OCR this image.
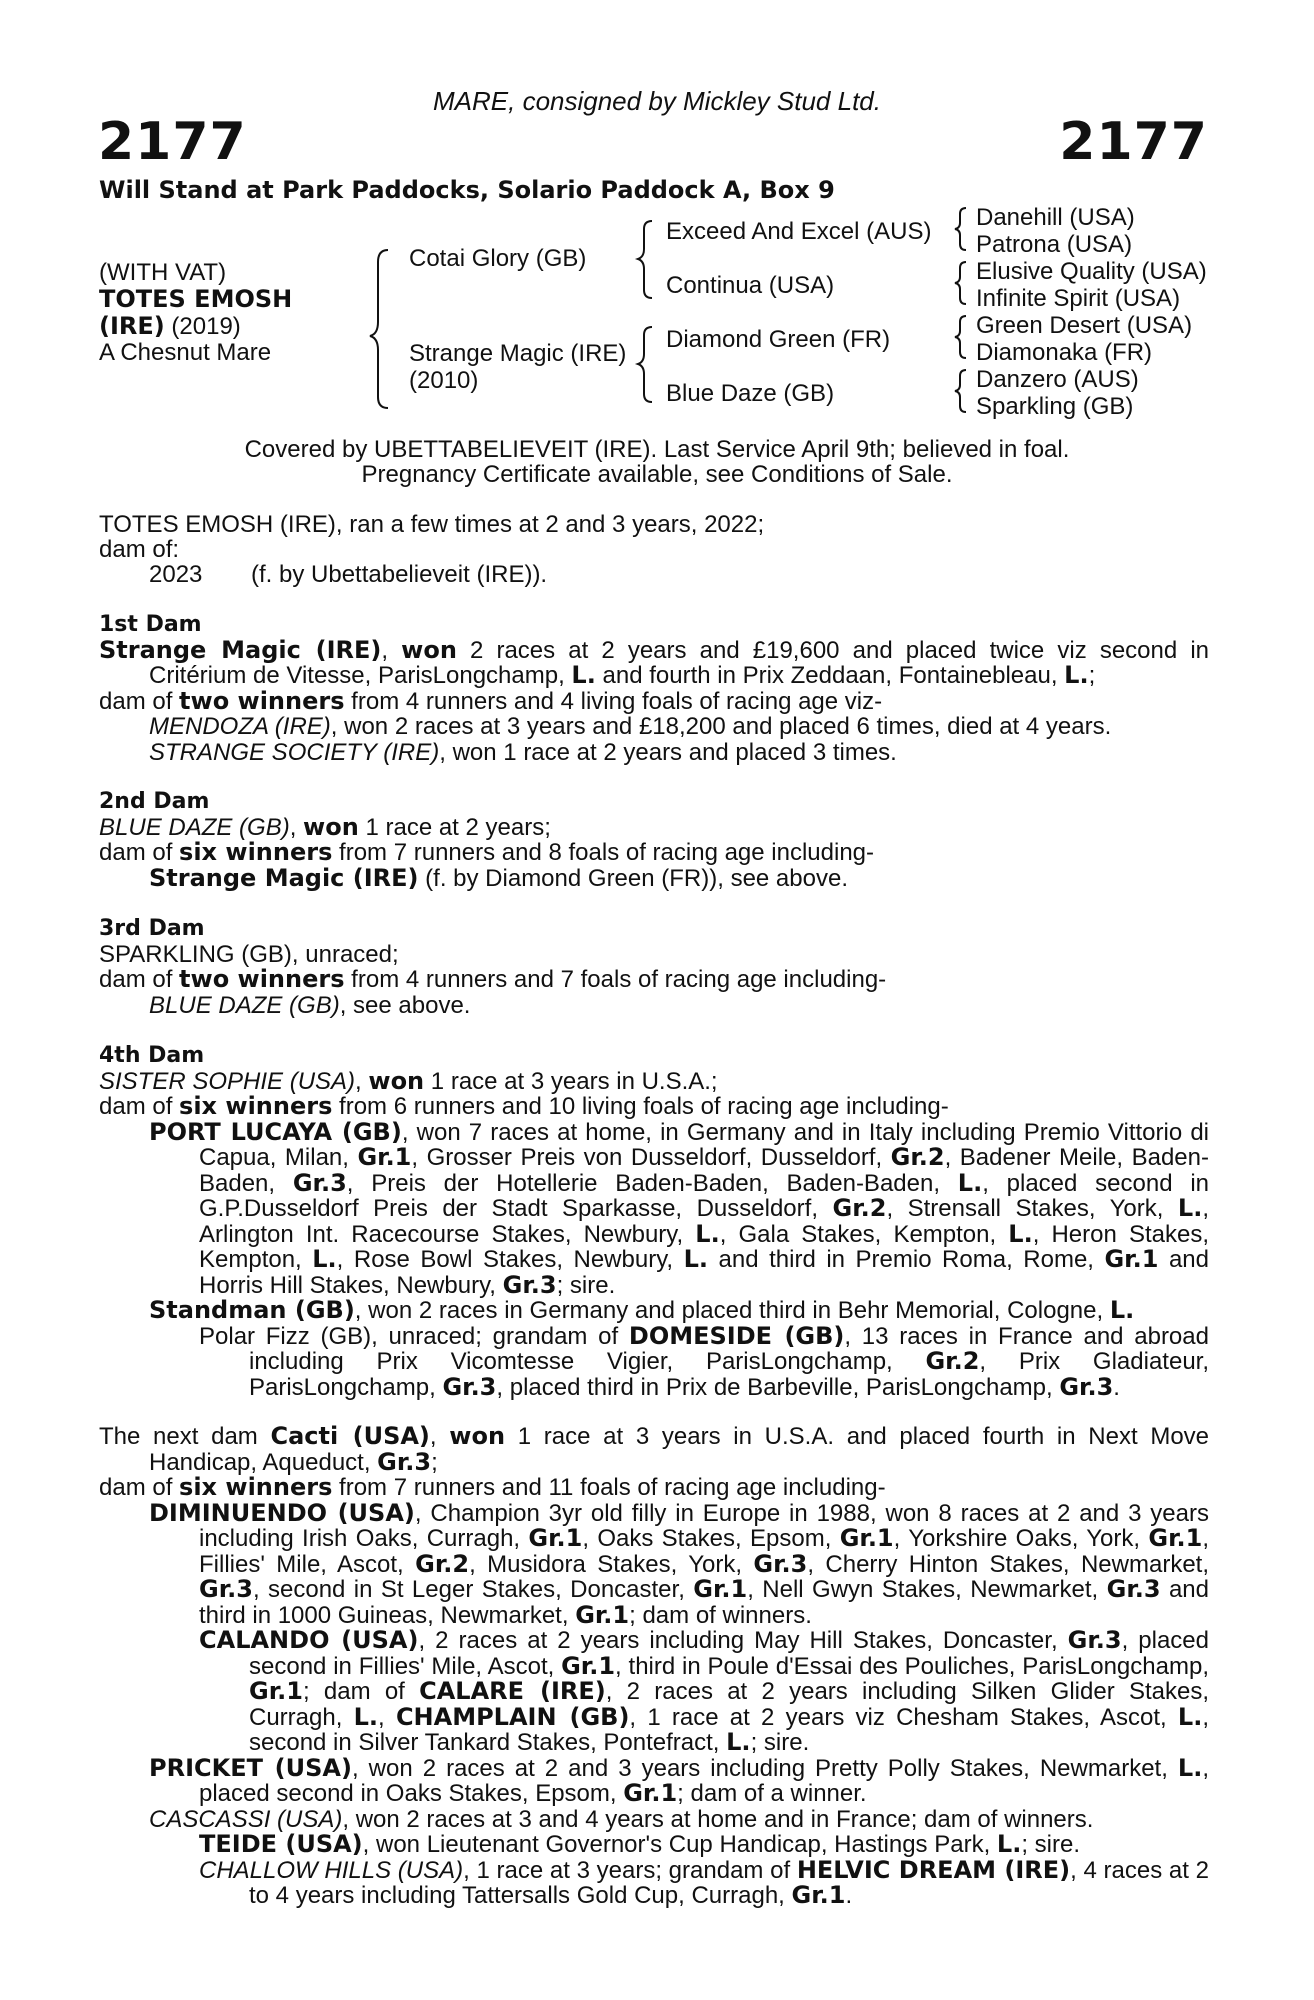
MARE, consigned by Mickley Stud Ltd.
2177	2177
Will Stand at Park Paddocks, Solario Paddock A, Box 9
(WITH VAT)
TOTES EMOSH
(IRE) (2019)
A Chesnut Mare
Cotai Glory (GB)
Strange Magic (IRE)
(2010)
Exceed And Excel (AUS)
Continua (USA)
Diamond Green (FR)
Blue Daze (GB)
Danehill (USA)
Patrona (USA)
Elusive Quality (USA)
Infinite Spirit (USA)
Green Desert (USA)
Diamonaka (FR)
Danzero (AUS)
Sparkling (GB)
Covered by UBETTABELIEVEIT (IRE). Last Service April 9th; believed in foal.
Pregnancy Certificate available, see Conditions of Sale.
TOTES EMOSH (IRE), ran a few times at 2 and 3 years, 2022;
dam of:
2023 (f. by Ubettabelieveit (IRE)).

1st Dam

Strange Magic (IRE), won 2 races at 2 years and £19,600 and placed twice viz second in Critérium de Vitesse, ParisLongchamp, L. and fourth in Prix Zeddaan, Fontainebleau, L.;

dam of two winners from 4 runners and 4 living foals of racing age viz-

MENDOZA (IRE), won 2 races at 3 years and £18,200 and placed 6 times, died at 4 years.

STRANGE SOCIETY (IRE), won 1 race at 2 years and placed 3 times.

2nd Dam

BLUE DAZE (GB), won 1 race at 2 years;

dam of six winners from 7 runners and 8 foals of racing age including-

Strange Magic (IRE) (f. by Diamond Green (FR)), see above.

3rd Dam

SPARKLING (GB), unraced;

dam of two winners from 4 runners and 7 foals of racing age including-

BLUE DAZE (GB), see above.

4th Dam

SISTER SOPHIE (USA), won 1 race at 3 years in U.S.A.;

dam of six winners from 6 runners and 10 living foals of racing age including-

PORT LUCAYA (GB), won 7 races at home, in Germany and in Italy including Premio Vittorio di Capua, Milan, Gr.1, Grosser Preis von Dusseldorf, Dusseldorf, Gr.2, Badener Meile, Baden-Baden, Gr.3, Preis der Hotellerie Baden-Baden, Baden-Baden, L., placed second in G.P.Dusseldorf Preis der Stadt Sparkasse, Dusseldorf, Gr.2, Strensall Stakes, York, L., Arlington Int. Racecourse Stakes, Newbury, L., Gala Stakes, Kempton, L., Heron Stakes, Kempton, L., Rose Bowl Stakes, Newbury, L. and third in Premio Roma, Rome, Gr.1 and Horris Hill Stakes, Newbury, Gr.3; sire.

Standman (GB), won 2 races in Germany and placed third in Behr Memorial, Cologne, L.

Polar Fizz (GB), unraced; grandam of DOMESIDE (GB), 13 races in France and abroad including Prix Vicomtesse Vigier, ParisLongchamp, Gr.2, Prix Gladiateur, ParisLongchamp, Gr.3, placed third in Prix de Barbeville, ParisLongchamp, Gr.3.

The next dam Cacti (USA), won 1 race at 3 years in U.S.A. and placed fourth in Next Move Handicap, Aqueduct, Gr.3;

dam of six winners from 7 runners and 11 foals of racing age including-

DIMINUENDO (USA), Champion 3yr old filly in Europe in 1988, won 8 races at 2 and 3 years including Irish Oaks, Curragh, Gr.1, Oaks Stakes, Epsom, Gr.1, Yorkshire Oaks, York, Gr.1, Fillies' Mile, Ascot, Gr.2, Musidora Stakes, York, Gr.3, Cherry Hinton Stakes, Newmarket, Gr.3, second in St Leger Stakes, Doncaster, Gr.1, Nell Gwyn Stakes, Newmarket, Gr.3 and third in 1000 Guineas, Newmarket, Gr.1; dam of winners.

CALANDO (USA), 2 races at 2 years including May Hill Stakes, Doncaster, Gr.3, placed second in Fillies' Mile, Ascot, Gr.1, third in Poule d'Essai des Pouliches, ParisLongchamp, Gr.1; dam of CALARE (IRE), 2 races at 2 years including Silken Glider Stakes, Curragh, L., CHAMPLAIN (GB), 1 race at 2 years viz Chesham Stakes, Ascot, L., second in Silver Tankard Stakes, Pontefract, L.; sire.

PRICKET (USA), won 2 races at 2 and 3 years including Pretty Polly Stakes, Newmarket, L., placed second in Oaks Stakes, Epsom, Gr.1; dam of a winner.

CASCASSI (USA), won 2 races at 3 and 4 years at home and in France; dam of winners.

TEIDE (USA), won Lieutenant Governor's Cup Handicap, Hastings Park, L.; sire.

CHALLOW HILLS (USA), 1 race at 3 years; grandam of HELVIC DREAM (IRE), 4 races at 2 to 4 years including Tattersalls Gold Cup, Curragh, Gr.1.
